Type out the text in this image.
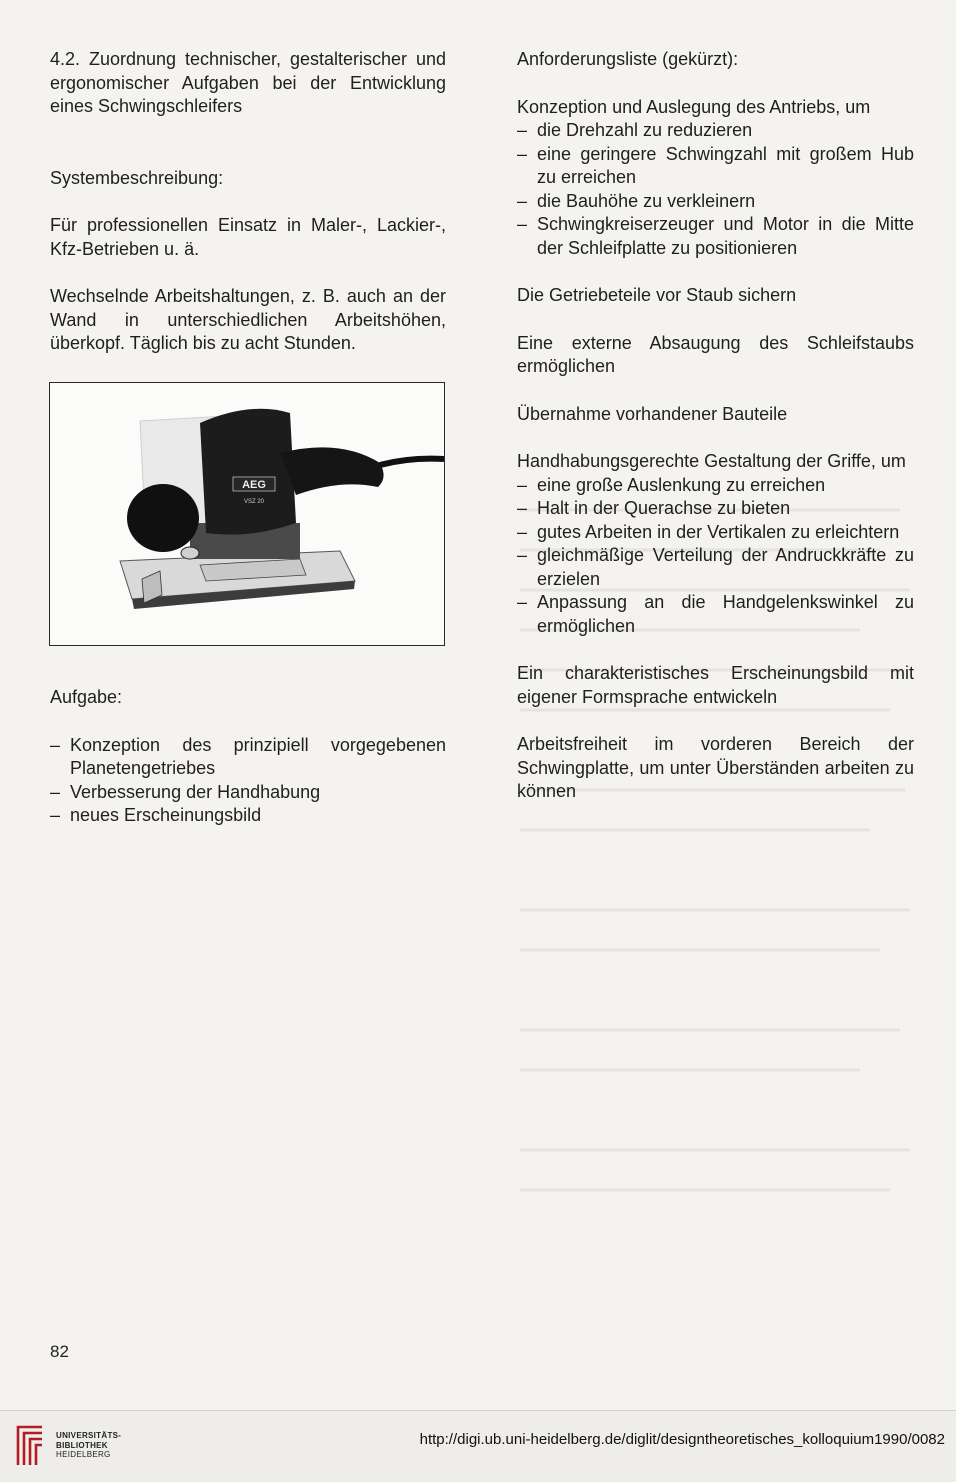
4.2. Zuordnung technischer, gestalterischer und ergonomischer Aufgaben bei der Entwicklung eines Schwingschleifers

Systembeschreibung:

Für professionellen Einsatz in Maler-, Lackier-, Kfz-Betrieben u. ä.

Wechselnde Arbeitshaltungen, z. B. auch an der Wand in unterschiedlichen Arbeitshöhen, überkopf. Täglich bis zu acht Stunden.

AEG
VSZ 20

Aufgabe:

– Konzeption des prinzipiell vorgegebenen Planetengetriebes
– Verbesserung der Handhabung
– neues Erscheinungsbild

Anforderungsliste (gekürzt):

Konzeption und Auslegung des Antriebs, um

– die Drehzahl zu reduzieren
– eine geringere Schwingzahl mit großem Hub zu erreichen
– die Bauhöhe zu verkleinern
– Schwingkreiserzeuger und Motor in die Mitte der Schleifplatte zu positionieren

Die Getriebeteile vor Staub sichern

Eine externe Absaugung des Schleifstaubs ermöglichen

Übernahme vorhandener Bauteile

Handhabungsgerechte Gestaltung der Griffe, um

– eine große Auslenkung zu erreichen
– Halt in der Querachse zu bieten
– gutes Arbeiten in der Vertikalen zu erleichtern
– gleichmäßige Verteilung der Andruckkräfte zu erzielen
– Anpassung an die Handgelenkswinkel zu ermöglichen

Ein charakteristisches Erscheinungsbild mit eigener Formsprache entwickeln

Arbeitsfreiheit im vorderen Bereich der Schwingplatte, um unter Überständen arbeiten zu können

82
UNIVERSITÄTS-
BIBLIOTHEK
HEIDELBERG
http://digi.ub.uni-heidelberg.de/diglit/designtheoretisches_kolloquium1990/0082
